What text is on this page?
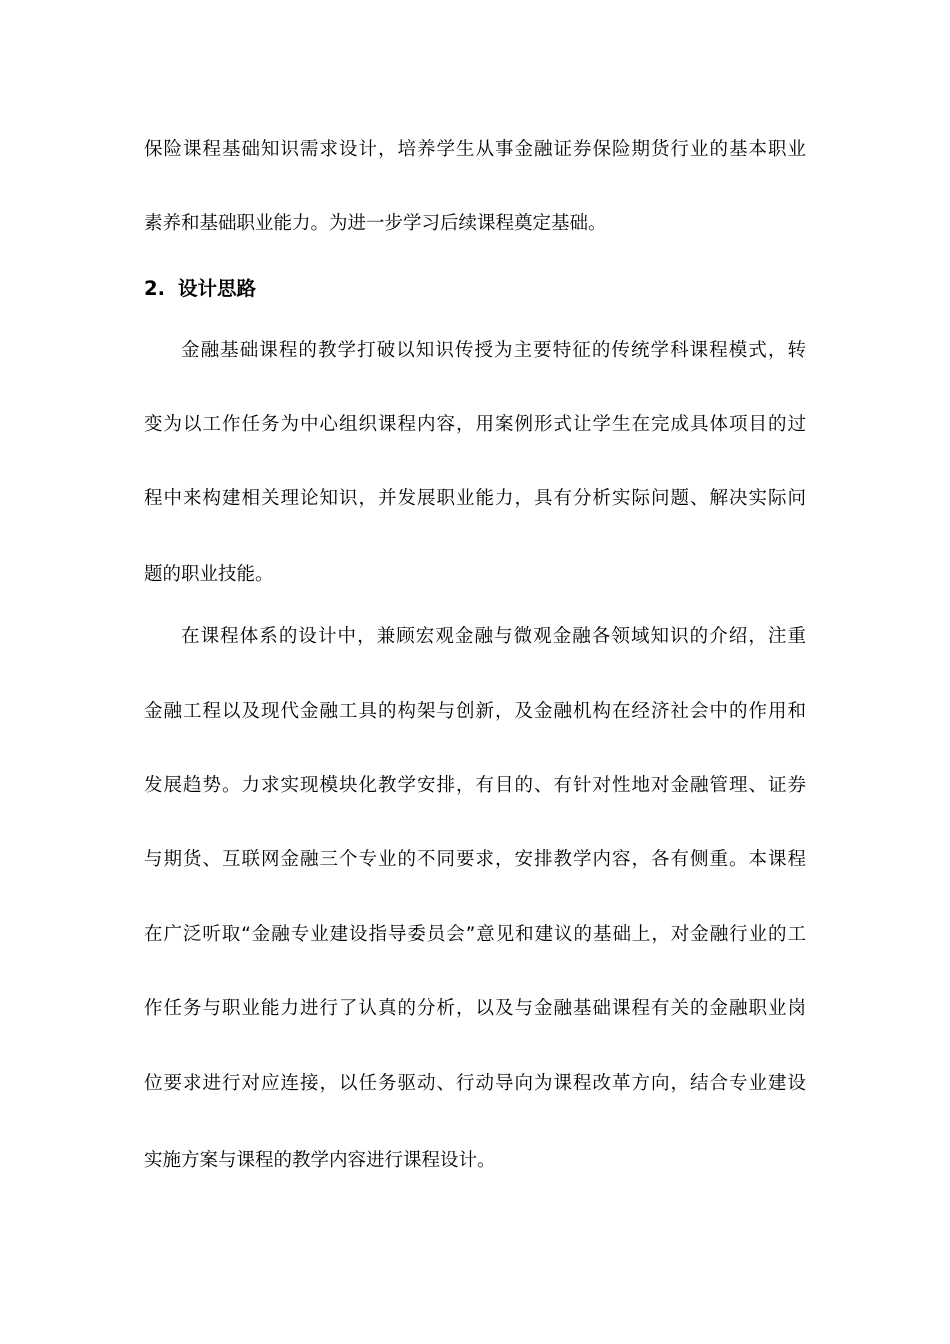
保险课程基础知识需求设计，培养学生从事金融证券保险期货行业的基本职业
素养和基础职业能力。为进一步学习后续课程奠定基础。
2. 设计思路
金融基础课程的教学打破以知识传授为主要特征的传统学科课程模式，转
变为以工作任务为中心组织课程内容，用案例形式让学生在完成具体项目的过
程中来构建相关理论知识，并发展职业能力，具有分析实际问题、解决实际问
题的职业技能。
在课程体系的设计中，兼顾宏观金融与微观金融各领域知识的介绍，注重
金融工程以及现代金融工具的构架与创新，及金融机构在经济社会中的作用和
发展趋势。力求实现模块化教学安排，有目的、有针对性地对金融管理、证券
与期货、互联网金融三个专业的不同要求，安排教学内容，各有侧重。本课程
在广泛听取“金融专业建设指导委员会”意见和建议的基础上，对金融行业的工
作任务与职业能力进行了认真的分析，以及与金融基础课程有关的金融职业岗
位要求进行对应连接，以任务驱动、行动导向为课程改革方向，结合专业建设
实施方案与课程的教学内容进行课程设计。
